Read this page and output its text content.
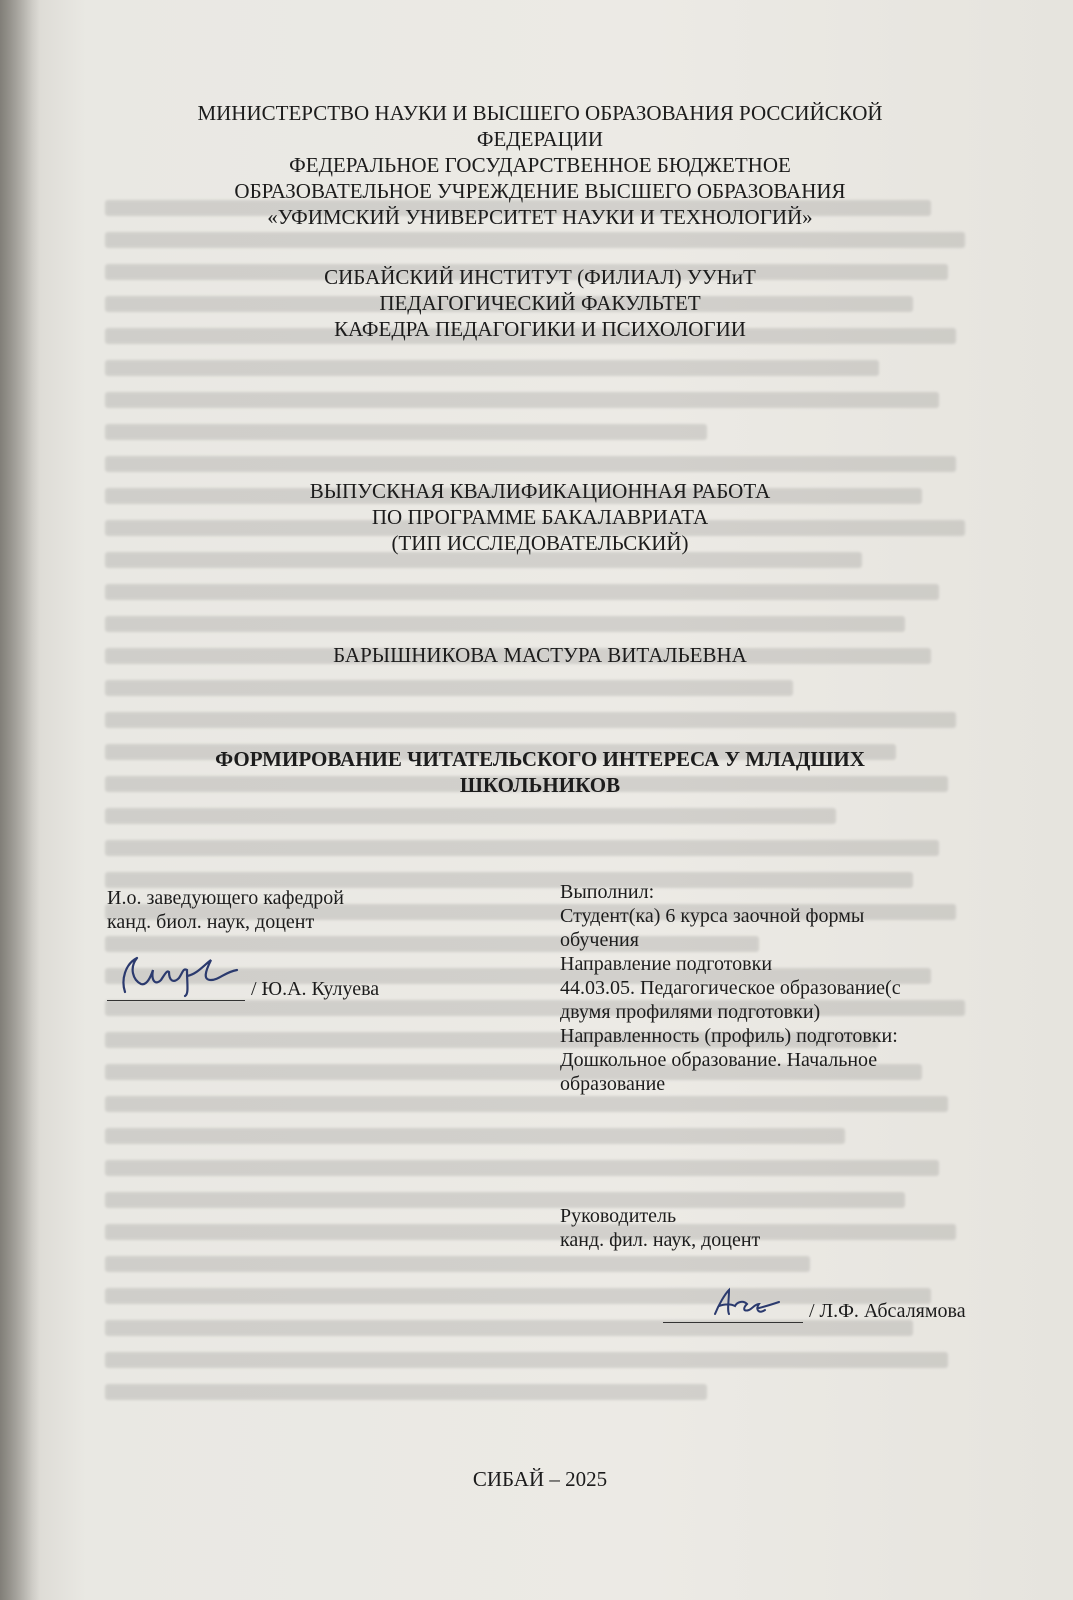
МИНИСТЕРСТВО НАУКИ И ВЫСШЕГО ОБРАЗОВАНИЯ РОССИЙСКОЙ
ФЕДЕРАЦИИ
ФЕДЕРАЛЬНОЕ ГОСУДАРСТВЕННОЕ БЮДЖЕТНОЕ
ОБРАЗОВАТЕЛЬНОЕ УЧРЕЖДЕНИЕ ВЫСШЕГО ОБРАЗОВАНИЯ
«УФИМСКИЙ УНИВЕРСИТЕТ НАУКИ И ТЕХНОЛОГИЙ»
СИБАЙСКИЙ ИНСТИТУТ (ФИЛИАЛ) УУНиТ
ПЕДАГОГИЧЕСКИЙ ФАКУЛЬТЕТ
КАФЕДРА ПЕДАГОГИКИ И ПСИХОЛОГИИ
ВЫПУСКНАЯ КВАЛИФИКАЦИОННАЯ РАБОТА
ПО ПРОГРАММЕ БАКАЛАВРИАТА
(ТИП ИССЛЕДОВАТЕЛЬСКИЙ)
БАРЫШНИКОВА МАСТУРА ВИТАЛЬЕВНА
ФОРМИРОВАНИЕ ЧИТАТЕЛЬСКОГО ИНТЕРЕСА У МЛАДШИХ
ШКОЛЬНИКОВ
И.о. заведующего кафедрой
канд. биол. наук, доцент
/ Ю.А. Кулуева
Выполнил:
Студент(ка) 6 курса заочной формы
обучения
Направление подготовки
44.03.05. Педагогическое образование(с
двумя профилями подготовки)
Направленность (профиль) подготовки:
Дошкольное образование. Начальное
образование
Руководитель
канд. фил. наук, доцент
/ Л.Ф. Абсалямова
СИБАЙ – 2025
